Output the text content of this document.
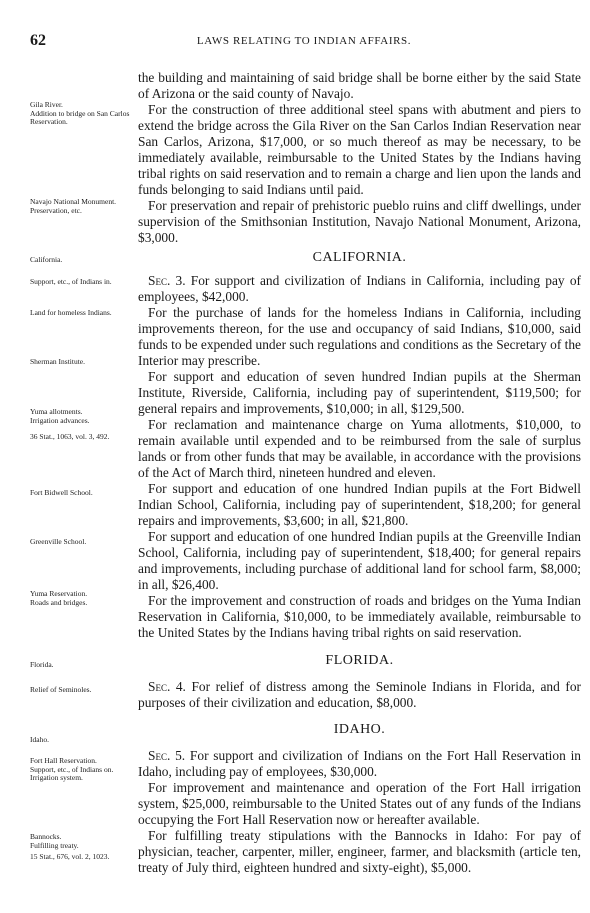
62	LAWS RELATING TO INDIAN AFFAIRS.

the building and maintaining of said bridge shall be borne either by the said State of Arizona or the said county of Navajo.

For the construction of three additional steel spans with abutment and piers to extend the bridge across the Gila River on the San Carlos Indian Reservation near San Carlos, Arizona, $17,000, or so much thereof as may be necessary, to be immediately available, reimbursable to the United States by the Indians having tribal rights on said reservation and to remain a charge and lien upon the lands and funds belonging to said Indians until paid.

For preservation and repair of prehistoric pueblo ruins and cliff dwellings, under supervision of the Smithsonian Institution, Navajo National Monument, Arizona, $3,000.

CALIFORNIA.

Sec. 3. For support and civilization of Indians in California, including pay of employees, $42,000.

For the purchase of lands for the homeless Indians in California, including improvements thereon, for the use and occupancy of said Indians, $10,000, said funds to be expended under such regulations and conditions as the Secretary of the Interior may prescribe.

For support and education of seven hundred Indian pupils at the Sherman Institute, Riverside, California, including pay of superintendent, $119,500; for general repairs and improvements, $10,000; in all, $129,500.

For reclamation and maintenance charge on Yuma allotments, $10,000, to remain available until expended and to be reimbursed from the sale of surplus lands or from other funds that may be available, in accordance with the provisions of the Act of March third, nineteen hundred and eleven.

For support and education of one hundred Indian pupils at the Fort Bidwell Indian School, California, including pay of superintendent, $18,200; for general repairs and improvements, $3,600; in all, $21,800.

For support and education of one hundred Indian pupils at the Greenville Indian School, California, including pay of superintendent, $18,400; for general repairs and improvements, including purchase of additional land for school farm, $8,000; in all, $26,400.

For the improvement and construction of roads and bridges on the Yuma Indian Reservation in California, $10,000, to be immediately available, reimbursable to the United States by the Indians having tribal rights on said reservation.

FLORIDA.

Sec. 4. For relief of distress among the Seminole Indians in Florida, and for purposes of their civilization and education, $8,000.

IDAHO.

Sec. 5. For support and civilization of Indians on the Fort Hall Reservation in Idaho, including pay of employees, $30,000.

For improvement and maintenance and operation of the Fort Hall irrigation system, $25,000, reimbursable to the United States out of any funds of the Indians occupying the Fort Hall Reservation now or hereafter available.

For fulfilling treaty stipulations with the Bannocks in Idaho: For pay of physician, teacher, carpenter, miller, engineer, farmer, and blacksmith (article ten, treaty of July third, eighteen hundred and sixty-eight), $5,000.

Gila River.
Addition to bridge on San Carlos Reservation.
Navajo National Monument.
Preservation, etc.
California.
Support, etc., of Indians in.
Land for homeless Indians.
Sherman Institute.
Yuma allotments.
Irrigation advances.
36 Stat., 1063, vol. 3, 492.
Fort Bidwell School.
Greenville School.
Yuma Reservation.
Roads and bridges.
Florida.
Relief of Seminoles.
Idaho.
Fort Hall Reservation.
Support, etc., of Indians on.
Irrigation system.
Bannocks.
Fulfilling treaty.
15 Stat., 676, vol. 2, 1023.
